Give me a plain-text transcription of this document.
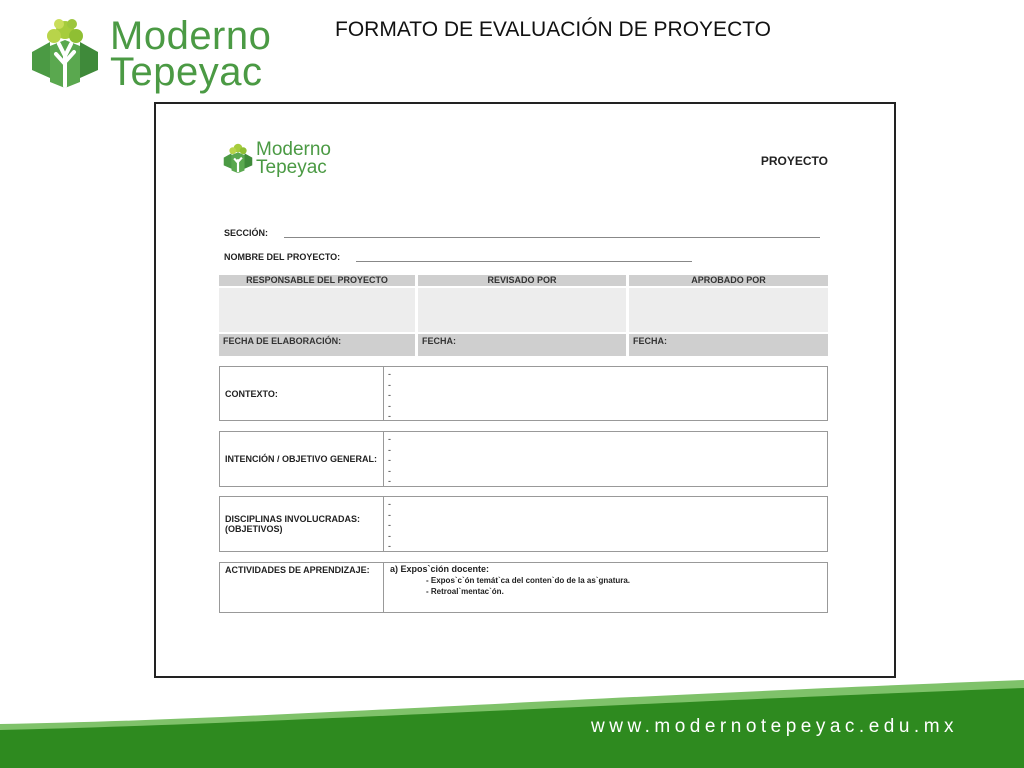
Moderno
Tepeyac
FORMATO DE EVALUACIÓN DE PROYECTO
Moderno
Tepeyac	PROYECTO
SECCIÓN:
NOMBRE DEL PROYECTO:
RESPONSABLE DEL PROYECTO
FECHA DE ELABORACIÓN:
REVISADO POR
FECHA:
APROBADO POR
FECHA:
CONTEXTO:
-
-
-
-
-
INTENCIÓN / OBJETIVO GENERAL:
-
-
-
-
-
DISCIPLINAS INVOLUCRADAS: (OBJETIVOS)
-
-
-
-
-
ACTIVIDADES DE APRENDIZAJE:	a) Expos`ción docente:
- Expos`c`ón temát`ca del conten`do de la as`gnatura.
- Retroal`mentac`ón.
www.modernotepeyac.edu.mx
